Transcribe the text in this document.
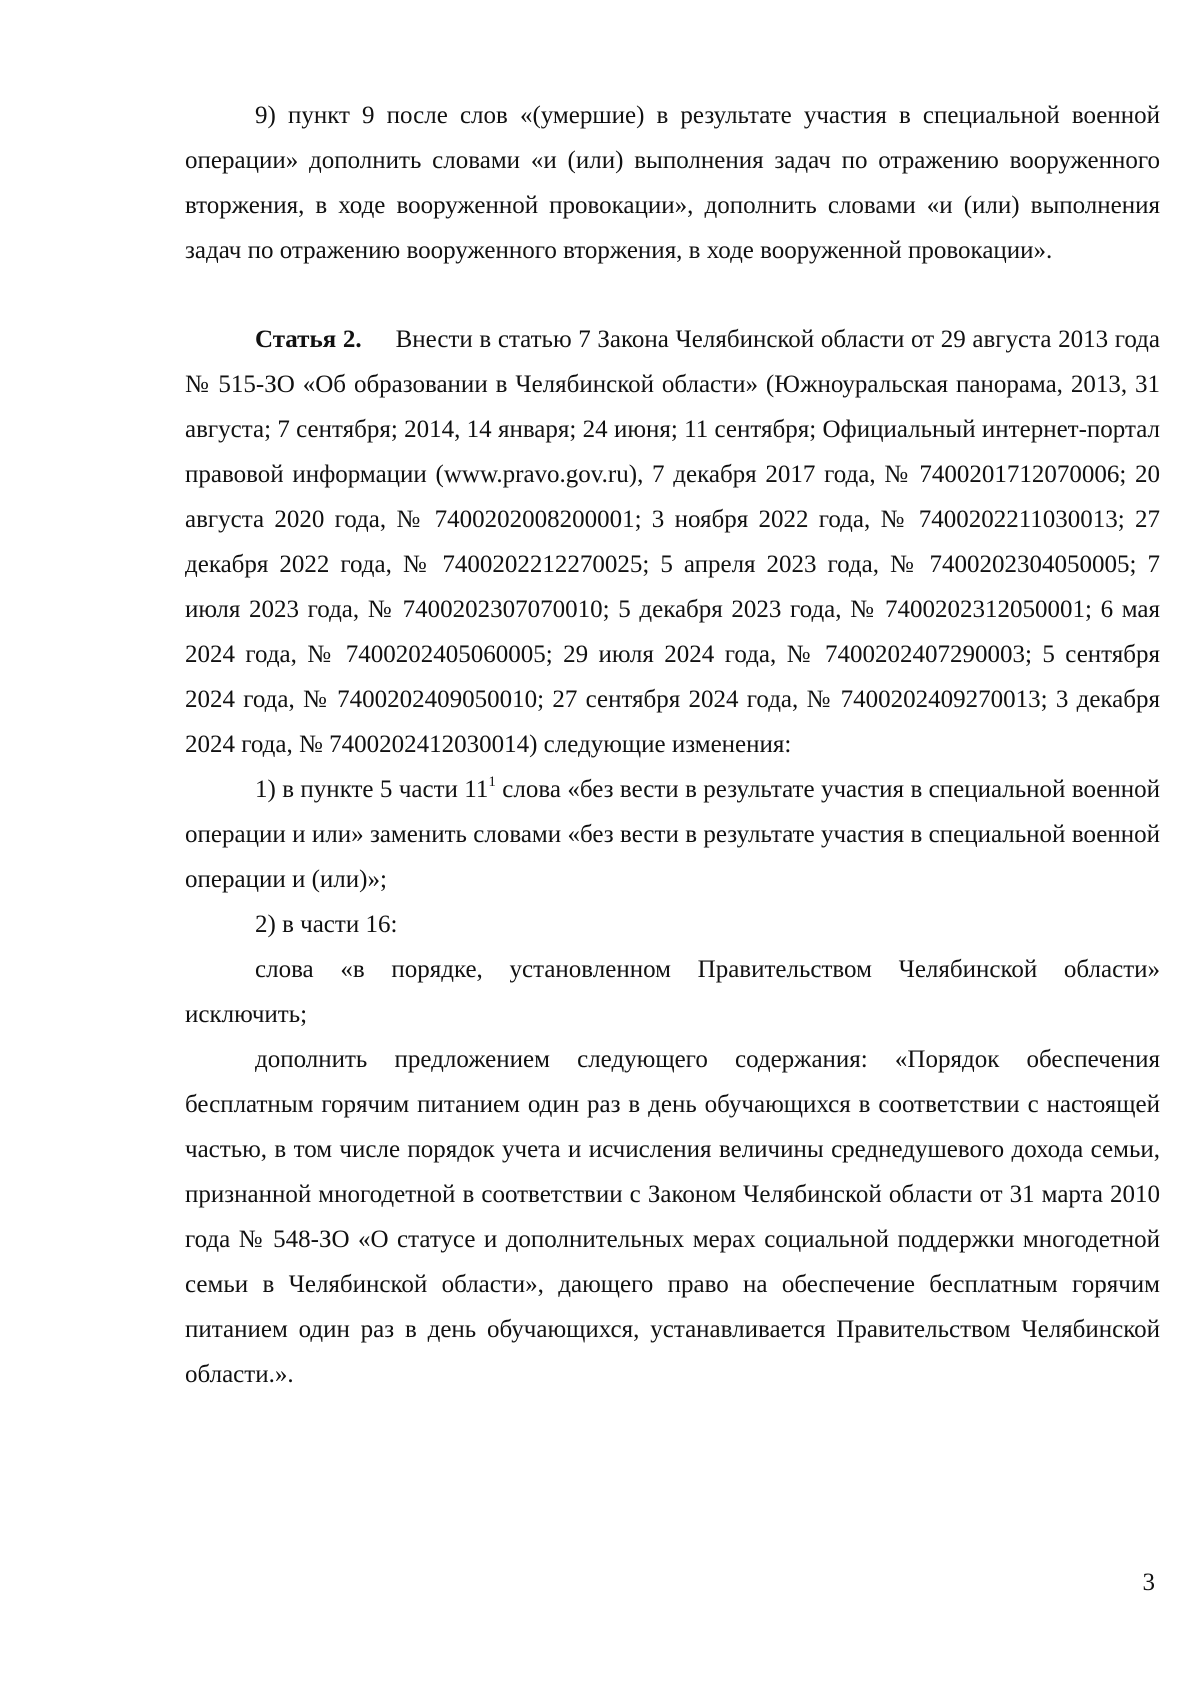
9) пункт 9 после слов «(умершие) в результате участия в специальной военной операции» дополнить словами «и (или) выполнения задач по отражению вооруженного вторжения, в ходе вооруженной провокации», дополнить словами «и (или) выполнения задач по отражению вооруженного вторжения, в ходе вооруженной провокации».

Статья 2. Внести в статью 7 Закона Челябинской области от 29 августа 2013 года № 515-ЗО «Об образовании в Челябинской области» (Южноуральская панорама, 2013, 31 августа; 7 сентября; 2014, 14 января; 24 июня; 11 сентября; Официальный интернет-портал правовой информации (www.pravo.gov.ru), 7 декабря 2017 года, № 7400201712070006; 20 августа 2020 года, № 7400202008200001; 3 ноября 2022 года, № 7400202211030013; 27 декабря 2022 года, № 7400202212270025; 5 апреля 2023 года, № 7400202304050005; 7 июля 2023 года, № 7400202307070010; 5 декабря 2023 года, № 7400202312050001; 6 мая 2024 года, № 7400202405060005; 29 июля 2024 года, № 7400202407290003; 5 сентября 2024 года, № 7400202409050010; 27 сентября 2024 года, № 7400202409270013; 3 декабря 2024 года, № 7400202412030014) следующие изменения:

1) в пункте 5 части $11^1$ слова «без вести в результате участия в специальной военной операции и или» заменить словами «без вести в результате участия в специальной военной операции и (или)»;

2) в части 16:

слова «в порядке, установленном Правительством Челябинской области» исключить;

дополнить предложением следующего содержания: «Порядок обеспечения бесплатным горячим питанием один раз в день обучающихся в соответствии с настоящей частью, в том числе порядок учета и исчисления величины среднедушевого дохода семьи, признанной многодетной в соответствии с Законом Челябинской области от 31 марта 2010 года № 548-ЗО «О статусе и дополнительных мерах социальной поддержки многодетной семьи в Челябинской области», дающего право на обеспечение бесплатным горячим питанием один раз в день обучающихся, устанавливается Правительством Челябинской области.».

3
